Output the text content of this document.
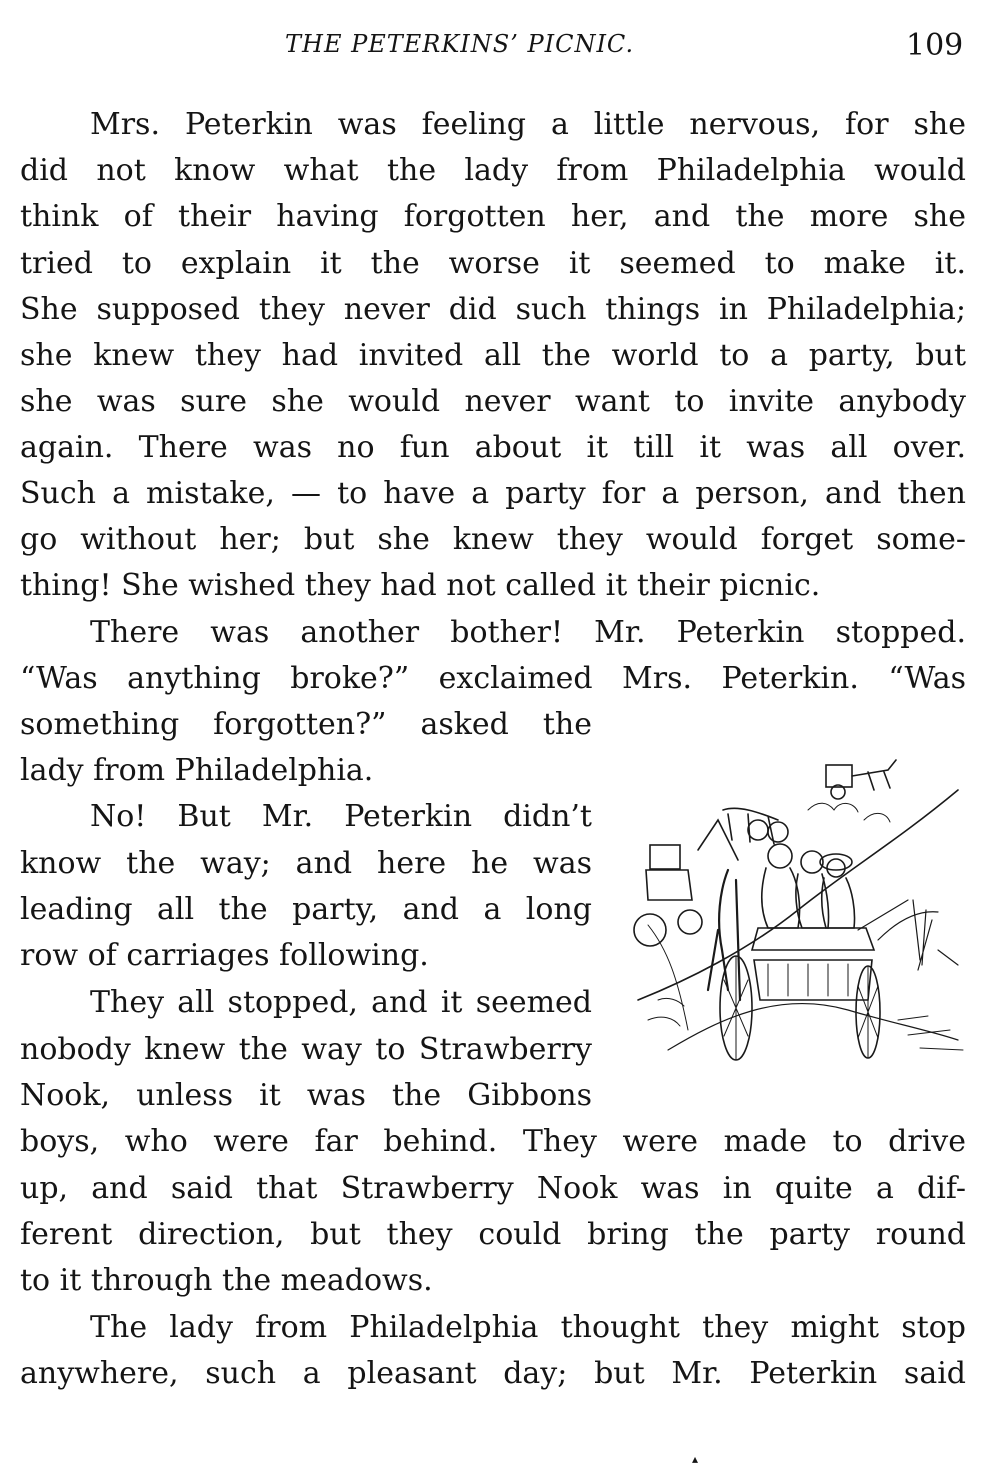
THE PETERKINS’ PICNIC.	109
Mrs. Peterkin was feeling a little nervous, for she
did not know what the lady from Philadelphia would
think of their having forgotten her, and the more she
tried to explain it the worse it seemed to make it.
She supposed they never did such things in Philadelphia;
she knew they had invited all the world to a party, but
she was sure she would never want to invite anybody
again. There was no fun about it till it was all over.
Such a mistake, — to have a party for a person, and then
go without her; but she knew they would forget some-
thing! She wished they had not called it their picnic.
There was another bother! Mr. Peterkin stopped.
“Was anything broke?” exclaimed Mrs. Peterkin. “Was
something forgotten?” asked the
lady from Philadelphia.
No! But Mr. Peterkin didn’t
know the way; and here he was
leading all the party, and a long
row of carriages following.
They all stopped, and it seemed
nobody knew the way to Strawberry
Nook, unless it was the Gibbons
boys, who were far behind. They were made to drive
up, and said that Strawberry Nook was in quite a dif-
ferent direction, but they could bring the party round
to it through the meadows.
The lady from Philadelphia thought they might stop
anywhere, such a pleasant day; but Mr. Peterkin said
▴
